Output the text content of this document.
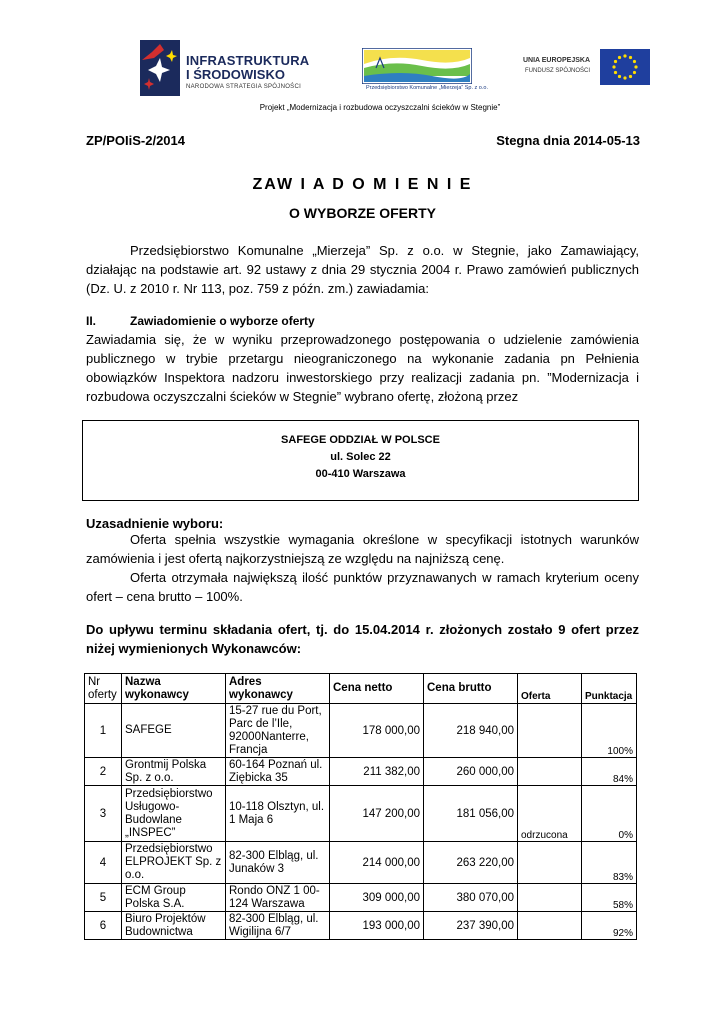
INFRASTRUKTURA
I ŚRODOWISKO
NARODOWA STRATEGIA SPÓJNOŚCI	Przedsiębiorstwo Komunalne „Mierzeja” Sp. z o.o.
UNIA EUROPEJSKA
FUNDUSZ SPÓJNOŚCI
Projekt „Modernizacja i rozbudowa oczyszczalni ścieków w Stegnie”
ZP/POIiS-2/2014	Stegna dnia 2014-05-13
ZAW I A D O M I E N I E
O WYBORZE OFERTY
Przedsiębiorstwo Komunalne „Mierzeja” Sp. z o.o. w Stegnie, jako Zamawiający, działając na podstawie art. 92 ustawy z dnia 29 stycznia 2004 r. Prawo zamówień publicznych (Dz. U. z 2010 r. Nr 113, poz. 759 z późn. zm.) zawiadamia:
II.	Zawiadomienie o wyborze oferty
Zawiadamia się, że w wyniku przeprowadzonego postępowania o udzielenie zamówienia publicznego w trybie przetargu nieograniczonego na wykonanie zadania pn Pełnienia obowiązków Inspektora nadzoru inwestorskiego przy realizacji zadania pn. ”Modernizacja i rozbudowa oczyszczalni ścieków w Stegnie” wybrano ofertę, złożoną przez
SAFEGE ODDZIAŁ W POLSCE
ul. Solec 22
00-410 Warszawa
Uzasadnienie wyboru:
Oferta spełnia wszystkie wymagania określone w specyfikacji istotnych warunków zamówienia i jest ofertą najkorzystniejszą ze względu na najniższą cenę.
Oferta otrzymała największą ilość punktów przyznawanych w ramach kryterium oceny ofert – cena brutto – 100%.
Do upływu terminu składania ofert, tj. do 15.04.2014 r. złożonych zostało 9 ofert przez niżej wymienionych Wykonawców:
Nr oferty	Nazwa wykonawcy	Adres wykonawcy	Cena netto	Cena brutto	Oferta	Punktacja
1	SAFEGE	15-27 rue du Port, Parc de l’Ile, 92000Nanterre, Francja	178 000,00	218 940,00		100%
2	Grontmij Polska Sp. z o.o.	60-164 Poznań ul. Ziębicka 35	211 382,00	260 000,00		84%
3	Przedsiębiorstwo Usługowo-Budowlane „INSPEC”	10-118 Olsztyn, ul. 1 Maja 6	147 200,00	181 056,00	odrzucona	0%
4	Przedsiębiorstwo ELPROJEKT Sp. z o.o.	82-300 Elbląg, ul. Junaków 3	214 000,00	263 220,00		83%
5	ECM Group Polska S.A.	Rondo ONZ 1 00-124 Warszawa	309 000,00	380 070,00		58%
6	Biuro Projektów Budownictwa	82-300 Elbląg, ul. Wigilijna 6/7	193 000,00	237 390,00		92%
